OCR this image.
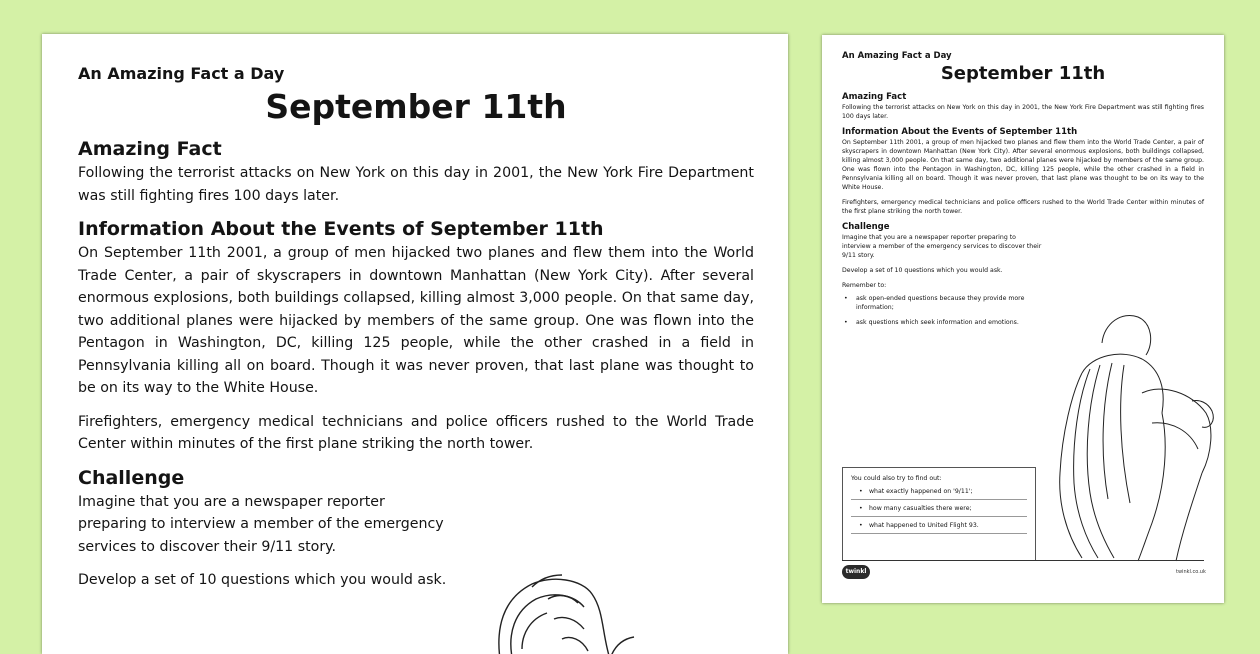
An Amazing Fact a Day

September 11th
Amazing Fact

Following the terrorist attacks on New York on this day in 2001, the New York Fire Department was still fighting fires 100 days later.

Information About the Events of September 11th

On September 11th 2001, a group of men hijacked two planes and flew them into the World Trade Center, a pair of skyscrapers in downtown Manhattan (New York City). After several enormous explosions, both buildings collapsed, killing almost 3,000 people. On that same day, two additional planes were hijacked by members of the same group. One was flown into the Pentagon in Washington, DC, killing 125 people, while the other crashed in a field in Pennsylvania killing all on board. Though it was never proven, that last plane was thought to be on its way to the White House.

Firefighters, emergency medical technicians and police officers rushed to the World Trade Center within minutes of the first plane striking the north tower.

Challenge

Imagine that you are a newspaper reporter preparing to interview a member of the emergency services to discover their 9/11 story.

Develop a set of 10 questions which you would ask.

An Amazing Fact a Day

September 11th
Amazing Fact

Following the terrorist attacks on New York on this day in 2001, the New York Fire Department was still fighting fires 100 days later.

Information About the Events of September 11th

On September 11th 2001, a group of men hijacked two planes and flew them into the World Trade Center, a pair of skyscrapers in downtown Manhattan (New York City). After several enormous explosions, both buildings collapsed, killing almost 3,000 people. On that same day, two additional planes were hijacked by members of the same group. One was flown into the Pentagon in Washington, DC, killing 125 people, while the other crashed in a field in Pennsylvania killing all on board. Though it was never proven, that last plane was thought to be on its way to the White House.

Firefighters, emergency medical technicians and police officers rushed to the World Trade Center within minutes of the first plane striking the north tower.

Challenge

Imagine that you are a newspaper reporter preparing to interview a member of the emergency services to discover their 9/11 story.

Develop a set of 10 questions which you would ask.

Remember to:

• ask open-ended questions because they provide more information;
• ask questions which seek information and emotions.

You could also try to find out:

• what exactly happened on '9/11';
• how many casualties there were;
• what happened to United Flight 93.
twinkl	twinkl.co.uk
